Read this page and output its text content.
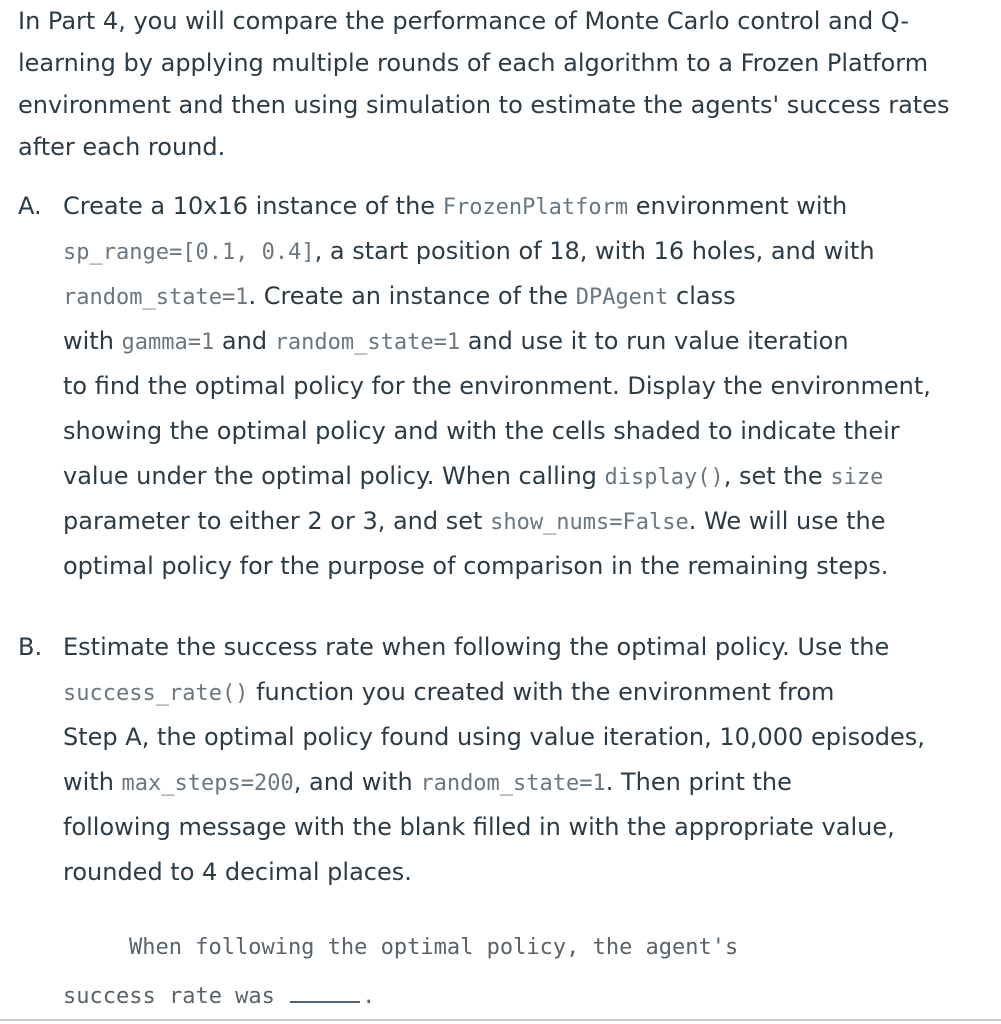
In Part 4, you will compare the performance of Monte Carlo control and Q-
learning by applying multiple rounds of each algorithm to a Frozen Platform
environment and then using simulation to estimate the agents' success rates
after each round.

A. Create a 10x16 instance of the FrozenPlatform environment with
sp_range=[0.1, 0.4], a start position of 18, with 16 holes, and with
random_state=1. Create an instance of the DPAgent class
with gamma=1 and random_state=1 and use it to run value iteration
to find the optimal policy for the environment. Display the environment,
showing the optimal policy and with the cells shaded to indicate their
value under the optimal policy. When calling display(), set the size
parameter to either 2 or 3, and set show_nums=False. We will use the
optimal policy for the purpose of comparison in the remaining steps.
B. Estimate the success rate when following the optimal policy. Use the
success_rate() function you created with the environment from
Step A, the optimal policy found using value iteration, 10,000 episodes,
with max_steps=200, and with random_state=1. Then print the
following message with the blank filled in with the appropriate value,
rounded to 4 decimal places.
When following the optimal policy, the agent's
success rate was	.
